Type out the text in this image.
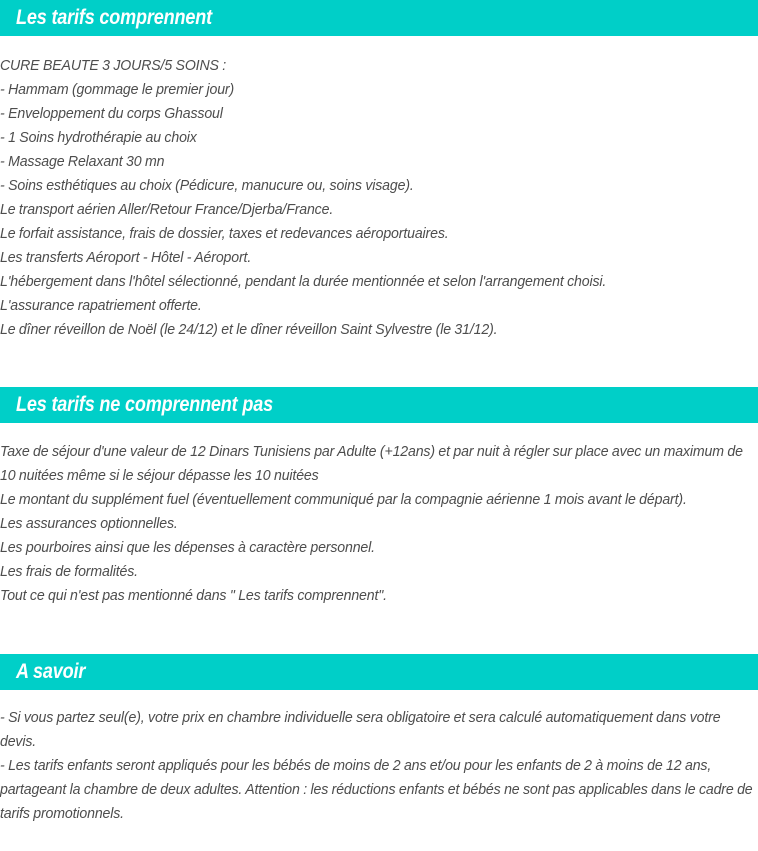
Les tarifs comprennent

CURE BEAUTE 3 JOURS/5 SOINS :

- Hammam (gommage le premier jour)

- Enveloppement du corps Ghassoul

- 1 Soins hydrothérapie au choix

- Massage Relaxant 30 mn

- Soins esthétiques au choix (Pédicure, manucure ou, soins visage).

Le transport aérien Aller/Retour France/Djerba/France.

Le forfait assistance, frais de dossier, taxes et redevances aéroportuaires.

Les transferts Aéroport - Hôtel - Aéroport.

L'hébergement dans l'hôtel sélectionné, pendant la durée mentionnée et selon l'arrangement choisi.

L'assurance rapatriement offerte.

Le dîner réveillon de Noël (le 24/12) et le dîner réveillon Saint Sylvestre (le 31/12).

Les tarifs ne comprennent pas

Taxe de séjour d'une valeur de 12 Dinars Tunisiens par Adulte (+12ans) et par nuit à régler sur place avec un maximum de 10 nuitées même si le séjour dépasse les 10 nuitées

Le montant du supplément fuel (éventuellement communiqué par la compagnie aérienne 1 mois avant le départ).

Les assurances optionnelles.

Les pourboires ainsi que les dépenses à caractère personnel.

Les frais de formalités.

Tout ce qui n'est pas mentionné dans " Les tarifs comprennent".

A savoir

- Si vous partez seul(e), votre prix en chambre individuelle sera obligatoire et sera calculé automatiquement dans votre devis.

- Les tarifs enfants seront appliqués pour les bébés de moins de 2 ans et/ou pour les enfants de 2 à moins de 12 ans, partageant la chambre de deux adultes. Attention : les réductions enfants et bébés ne sont pas applicables dans le cadre de tarifs promotionnels.
